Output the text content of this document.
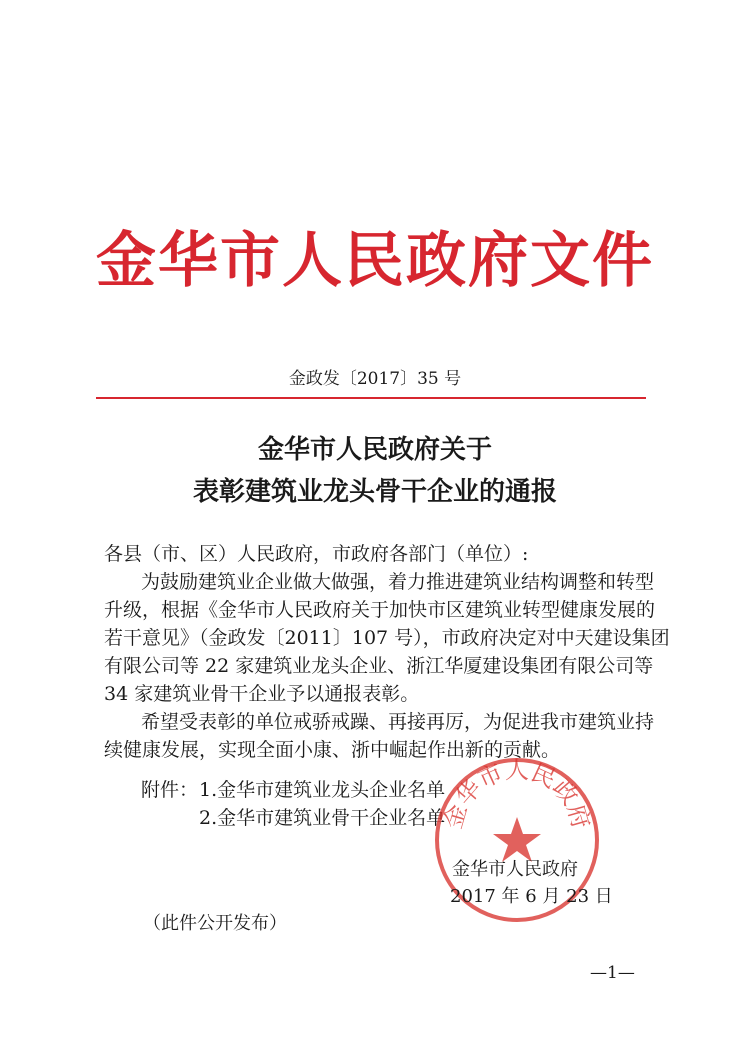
金华市人民政府文件
金政发〔2017〕35 号
金华市人民政府关于
表彰建筑业龙头骨干企业的通报
各县（市、区）人民政府，市政府各部门（单位）:
为鼓励建筑业企业做大做强，着力推进建筑业结构调整和转型
升级，根据《金华市人民政府关于加快市区建筑业转型健康发展的
若干意见》（金政发〔2011〕107 号），市政府决定对中天建设集团
有限公司等 22 家建筑业龙头企业、浙江华厦建设集团有限公司等
34 家建筑业骨干企业予以通报表彰。
希望受表彰的单位戒骄戒躁、再接再厉，为促进我市建筑业持
续健康发展，实现全面小康、浙中崛起作出新的贡献。
附件： 1.金华市建筑业龙头企业名单
2.金华市建筑业骨干企业名单
金华市人民政府
金华市人民政府
2017 年 6 月 23 日
（此件公开发布）
—1—
